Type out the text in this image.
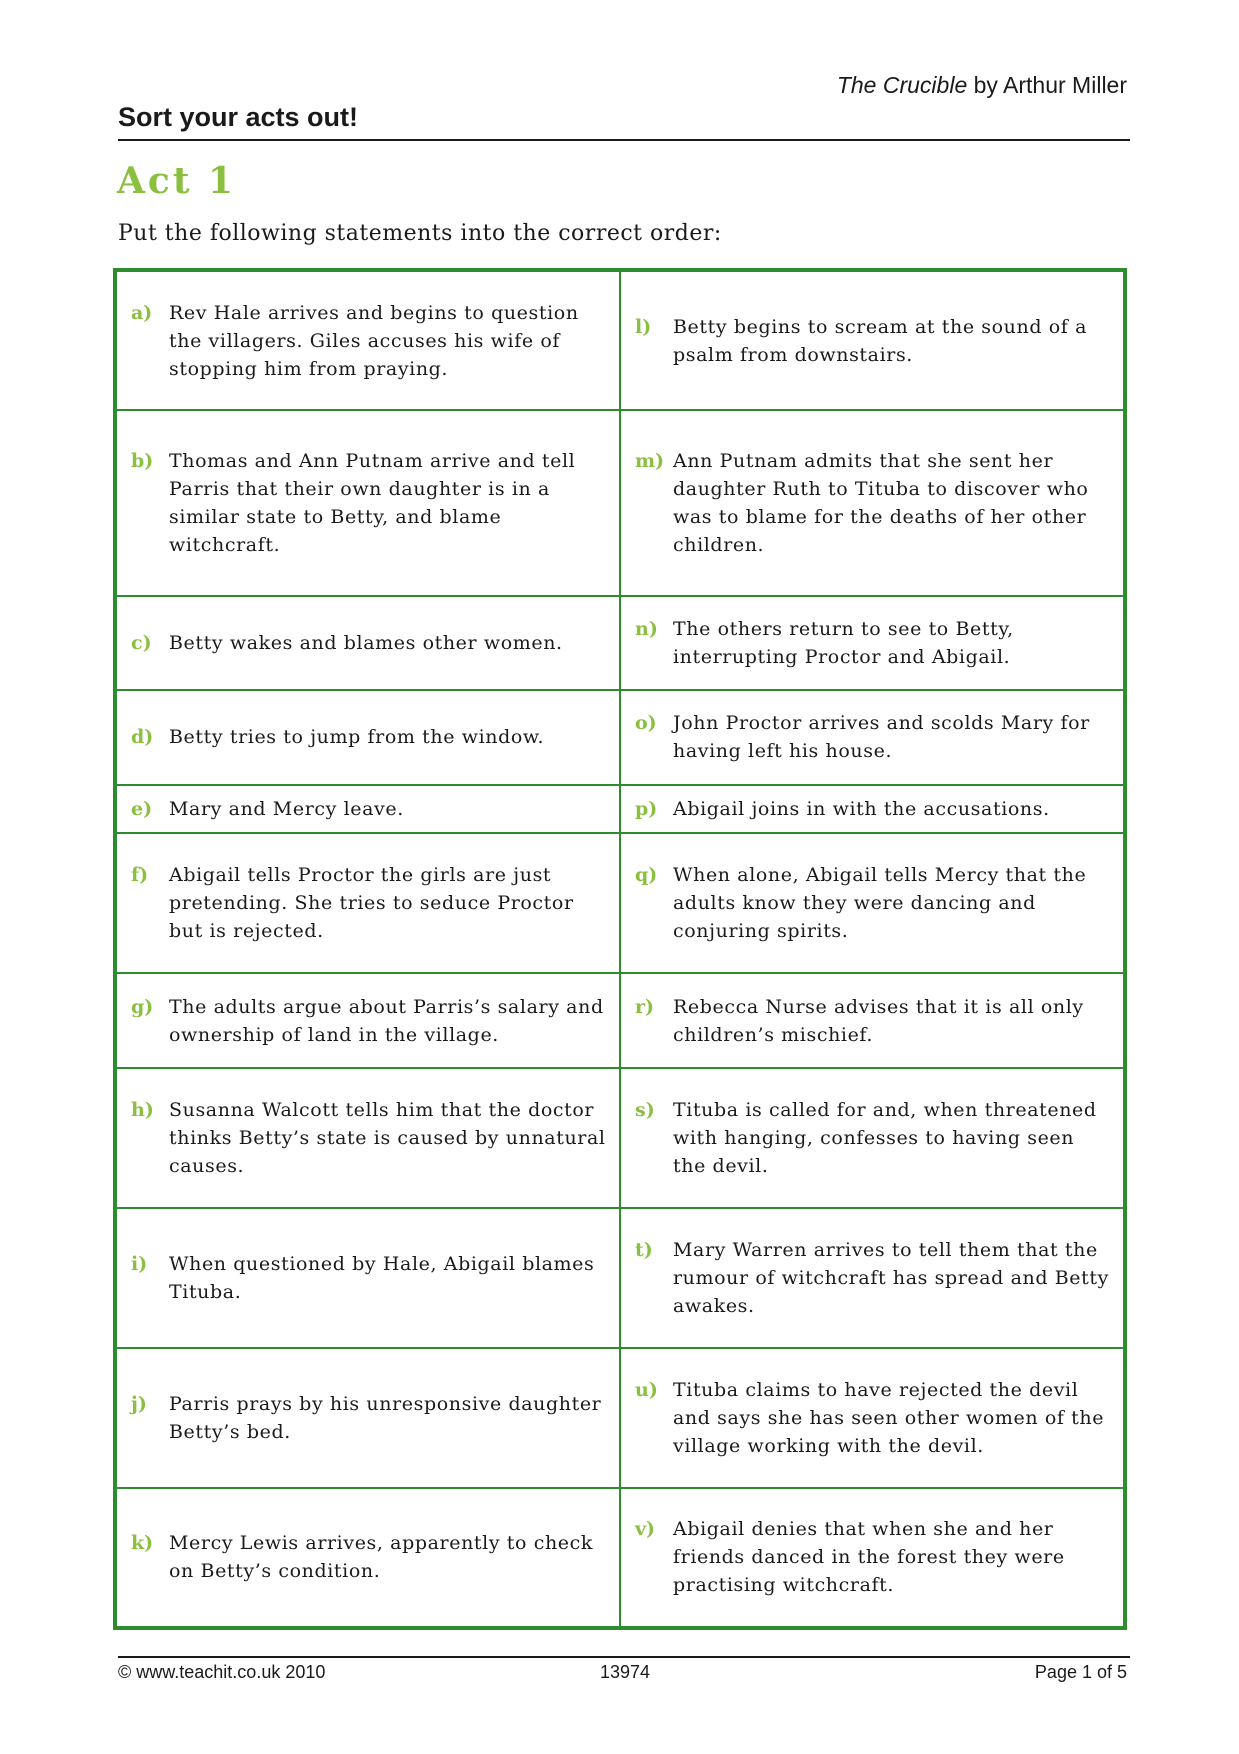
The Crucible by Arthur Miller
Sort your acts out!
Act 1
Put the following statements into the correct order:
a) Rev Hale arrives and begins to question the villagers. Giles accuses his wife of stopping him from praying.	l) Betty begins to scream at the sound of a psalm from downstairs.

b) Thomas and Ann Putnam arrive and tell Parris that their own daughter is in a similar state to Betty, and blame witchcraft.	m) Ann Putnam admits that she sent her daughter Ruth to Tituba to discover who was to blame for the deaths of her other children.

c) Betty wakes and blames other women.	n) The others return to see to Betty, interrupting Proctor and Abigail.

d) Betty tries to jump from the window.	o) John Proctor arrives and scolds Mary for having left his house.

e) Mary and Mercy leave.	p) Abigail joins in with the accusations.

f) Abigail tells Proctor the girls are just pretending. She tries to seduce Proctor but is rejected.	q) When alone, Abigail tells Mercy that the adults know they were dancing and conjuring spirits.

g) The adults argue about Parris’s salary and ownership of land in the village.	r) Rebecca Nurse advises that it is all only children’s mischief.

h) Susanna Walcott tells him that the doctor thinks Betty’s state is caused by unnatural causes.	s) Tituba is called for and, when threatened with hanging, confesses to having seen the devil.

i) When questioned by Hale, Abigail blames Tituba.	t) Mary Warren arrives to tell them that the rumour of witchcraft has spread and Betty awakes.

j) Parris prays by his unresponsive daughter Betty’s bed.	u) Tituba claims to have rejected the devil and says she has seen other women of the village working with the devil.

k) Mercy Lewis arrives, apparently to check on Betty’s condition.	v) Abigail denies that when she and her friends danced in the forest they were practising witchcraft.
© www.teachit.co.uk 2010	13974	Page 1 of 5
